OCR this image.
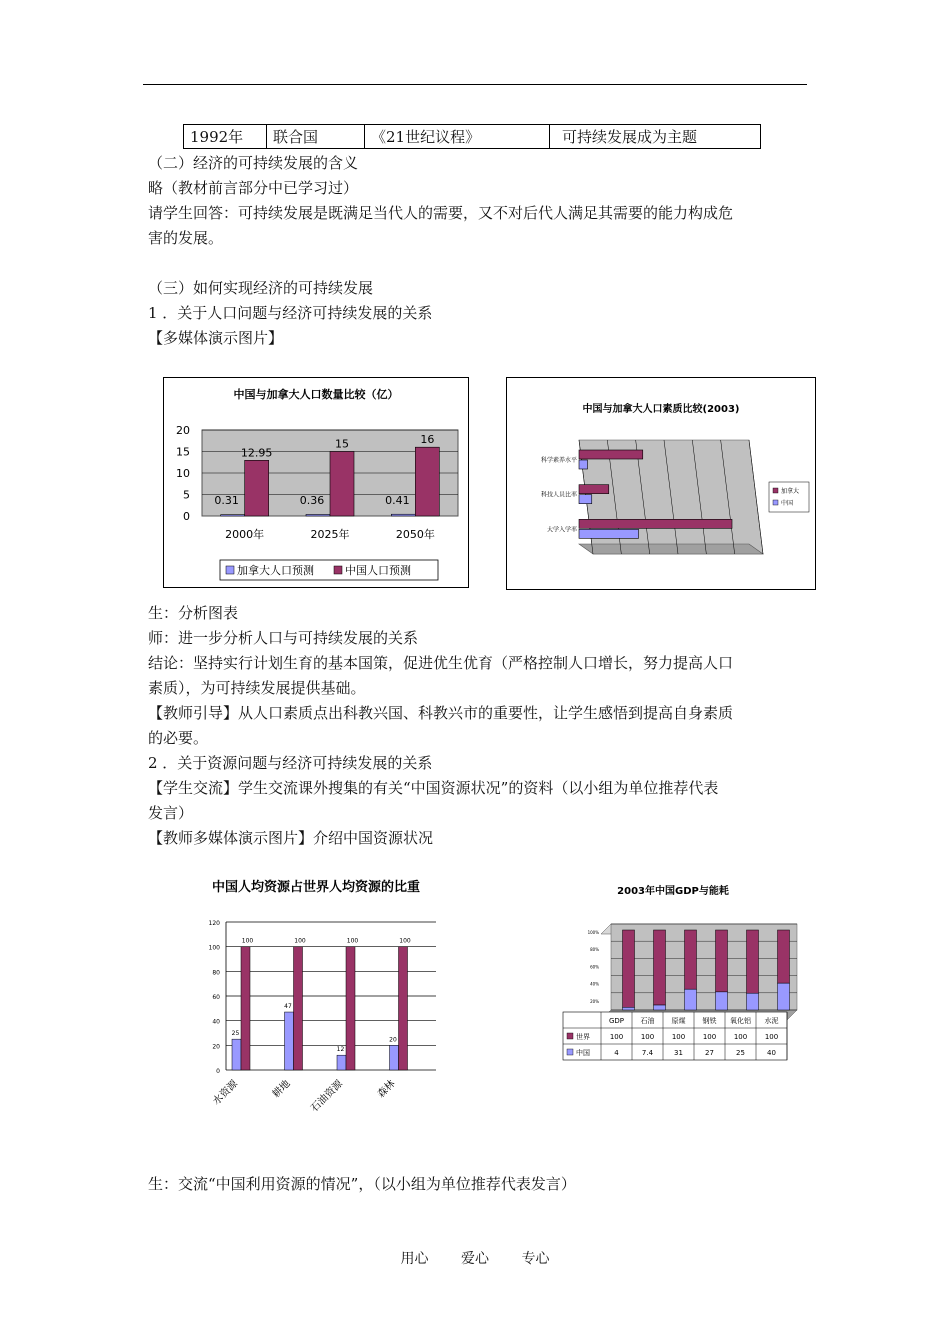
1992年	联合国	《21世纪议程》	可持续发展成为主题
（二）经济的可持续发展的含义
略（教材前言部分中已学习过）
请学生回答：可持续发展是既满足当代人的需要，又不对后代人满足其需要的能力构成危
害的发展。
（三）如何实现经济的可持续发展
1 ．关于人口问题与经济可持续发展的关系
【多媒体演示图片】
中国与加拿大人口数量比较（亿）
0
5
10
15
20
0.31
12.95
2000年
0.36
15
2025年
0.41
16
2050年
加拿大人口预测	中国人口预测
中国与加拿大人口素质比较(2003)
科学素养水平
科技人员比率
大学入学率
加拿大
中国
生：分析图表
师：进一步分析人口与可持续发展的关系
结论：坚持实行计划生育的基本国策，促进优生优育（严格控制人口增长，努力提高人口
素质），为可持续发展提供基础。
【教师引导】从人口素质点出科教兴国、科教兴市的重要性，让学生感悟到提高自身素质
的必要。
2 ．关于资源问题与经济可持续发展的关系
【学生交流】学生交流课外搜集的有关“中国资源状况”的资料（以小组为单位推荐代表
发言）
【教师多媒体演示图片】介绍中国资源状况
中国人均资源占世界人均资源的比重
0
20
40
60
80
100
120
25
100
水资源
47
100
耕地
12
100
石油资源
20
100
森林
2003年中国GDP与能耗
20%
40%
60%
80%
100%
GDP 石油 原煤 钢铁 氧化铝 水泥
世界	100	100	100	100	100	100
中国	4	7.4	31	27	25	40
生：交流“中国利用资源的情况”，（以小组为单位推荐代表发言）
用心 爱心 专心
